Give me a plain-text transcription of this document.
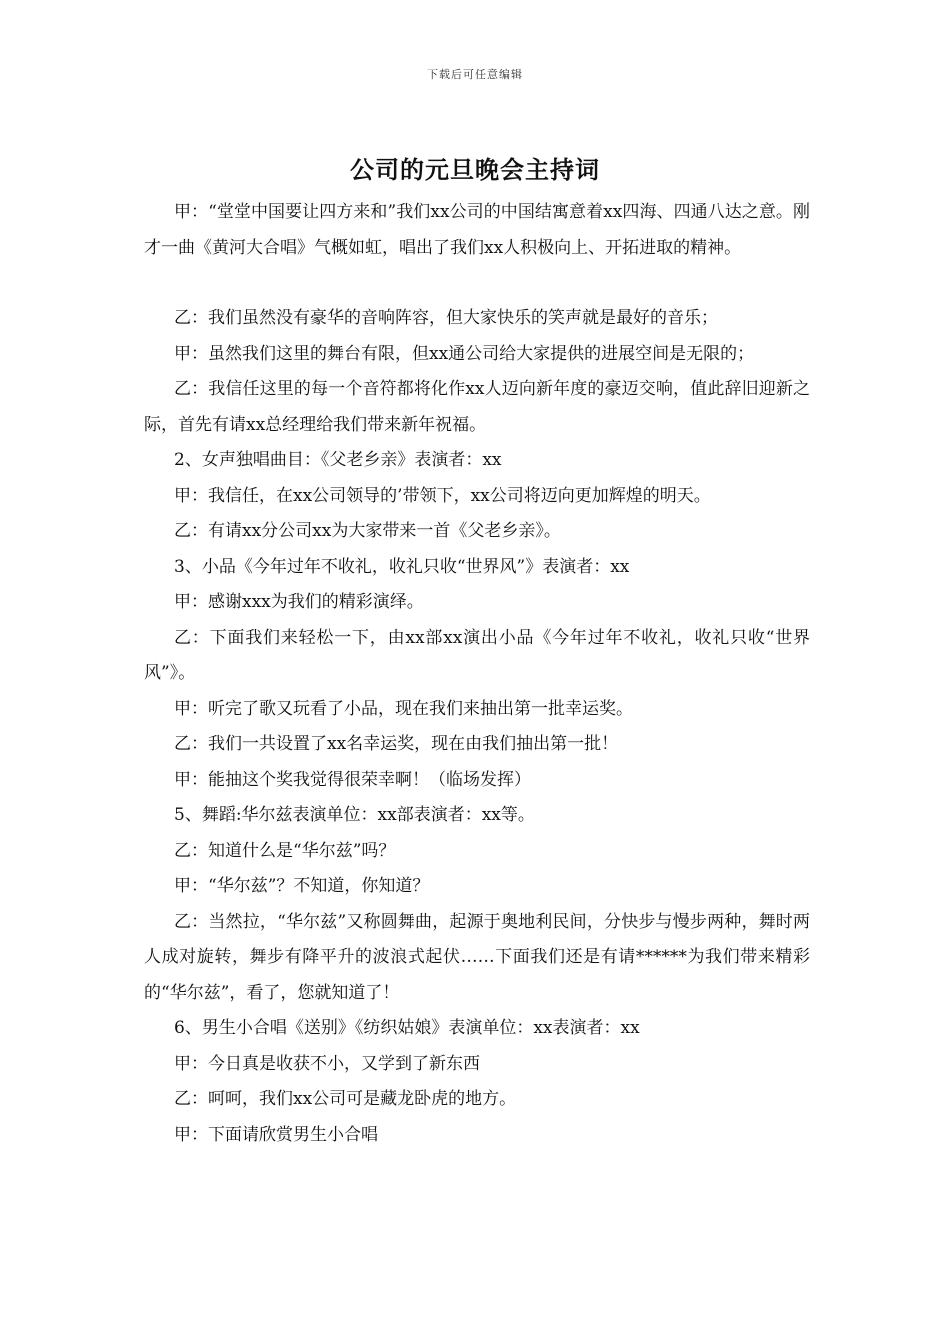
下载后可任意编辑
公司的元旦晚会主持词

甲：“堂堂中国要让四方来和”我们xx公司的中国结寓意着xx四海、四通八达之意。刚才一曲《黄河大合唱》气概如虹，唱出了我们xx人积极向上、开拓进取的精神。

乙：我们虽然没有豪华的音响阵容，但大家快乐的笑声就是最好的音乐；

甲：虽然我们这里的舞台有限，但xx通公司给大家提供的进展空间是无限的；

乙：我信任这里的每一个音符都将化作xx人迈向新年度的豪迈交响，值此辞旧迎新之际，首先有请xx总经理给我们带来新年祝福。

2、女声独唱曲目：《父老乡亲》表演者：xx

甲：我信任，在xx公司领导的’带领下，xx公司将迈向更加辉煌的明天。

乙：有请xx分公司xx为大家带来一首《父老乡亲》。

3、小品《今年过年不收礼，收礼只收“世界风”》表演者：xx

甲：感谢xxx为我们的精彩演绎。

乙：下面我们来轻松一下，由xx部xx演出小品《今年过年不收礼，收礼只收“世界风”》。

甲：听完了歌又玩看了小品，现在我们来抽出第一批幸运奖。

乙：我们一共设置了xx名幸运奖，现在由我们抽出第一批！

甲：能抽这个奖我觉得很荣幸啊！（临场发挥）

5、舞蹈:华尔兹表演单位：xx部表演者：xx等。

乙：知道什么是“华尔兹”吗？

甲：“华尔兹”？不知道，你知道？

乙：当然拉，“华尔兹”又称圆舞曲，起源于奥地利民间，分快步与慢步两种，舞时两人成对旋转，舞步有降平升的波浪式起伏……下面我们还是有请******为我们带来精彩的“华尔兹”，看了，您就知道了！

6、男生小合唱《送别》《纺织姑娘》表演单位：xx表演者：xx

甲：今日真是收获不小，又学到了新东西

乙：呵呵，我们xx公司可是藏龙卧虎的地方。

甲：下面请欣赏男生小合唱
